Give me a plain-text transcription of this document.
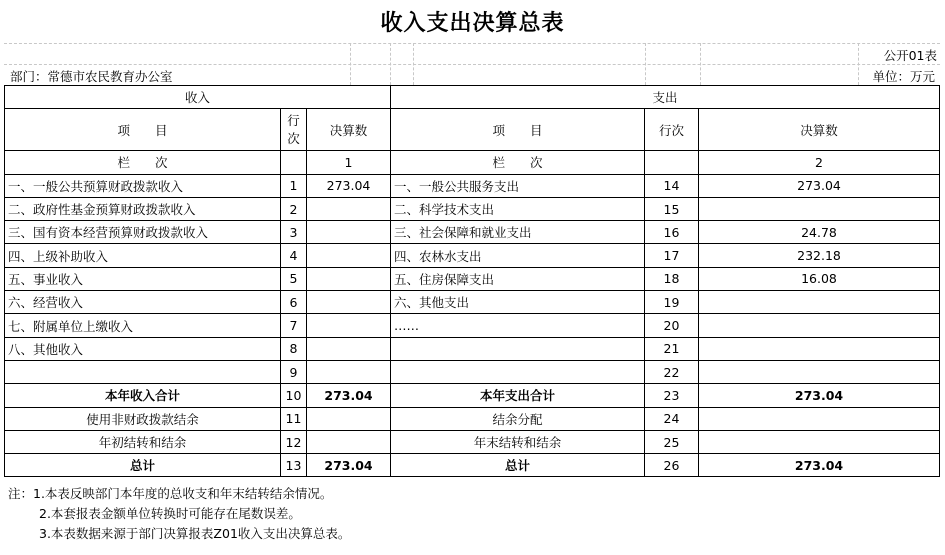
收入支出决算总表
公开01表
部门：常德市农民教育办公室	单位：万元
收入			支出		
项　　目	行次	决算数	项　　目	行次	决算数
栏　　次		1	栏　　次		2
一、一般公共预算财政拨款收入	1	273.04	一、一般公共服务支出	14	273.04
二、政府性基金预算财政拨款收入	2		二、科学技术支出	15	
三、国有资本经营预算财政拨款收入	3		三、社会保障和就业支出	16	24.78
四、上级补助收入	4		四、农林水支出	17	232.18
五、事业收入	5		五、住房保障支出	18	16.08
六、经营收入	6		六、其他支出	19	
七、附属单位上缴收入	7		……	20	
八、其他收入	8			21	
	9			22	
本年收入合计	10	273.04	本年支出合计	23	273.04
使用非财政拨款结余	11		结余分配	24	
年初结转和结余	12		年末结转和结余	25	
总计	13	273.04	总计	26	273.04
注：1.本表反映部门本年度的总收支和年末结转结余情况。
2.本套报表金额单位转换时可能存在尾数误差。
3.本表数据来源于部门决算报表Z01收入支出决算总表。
